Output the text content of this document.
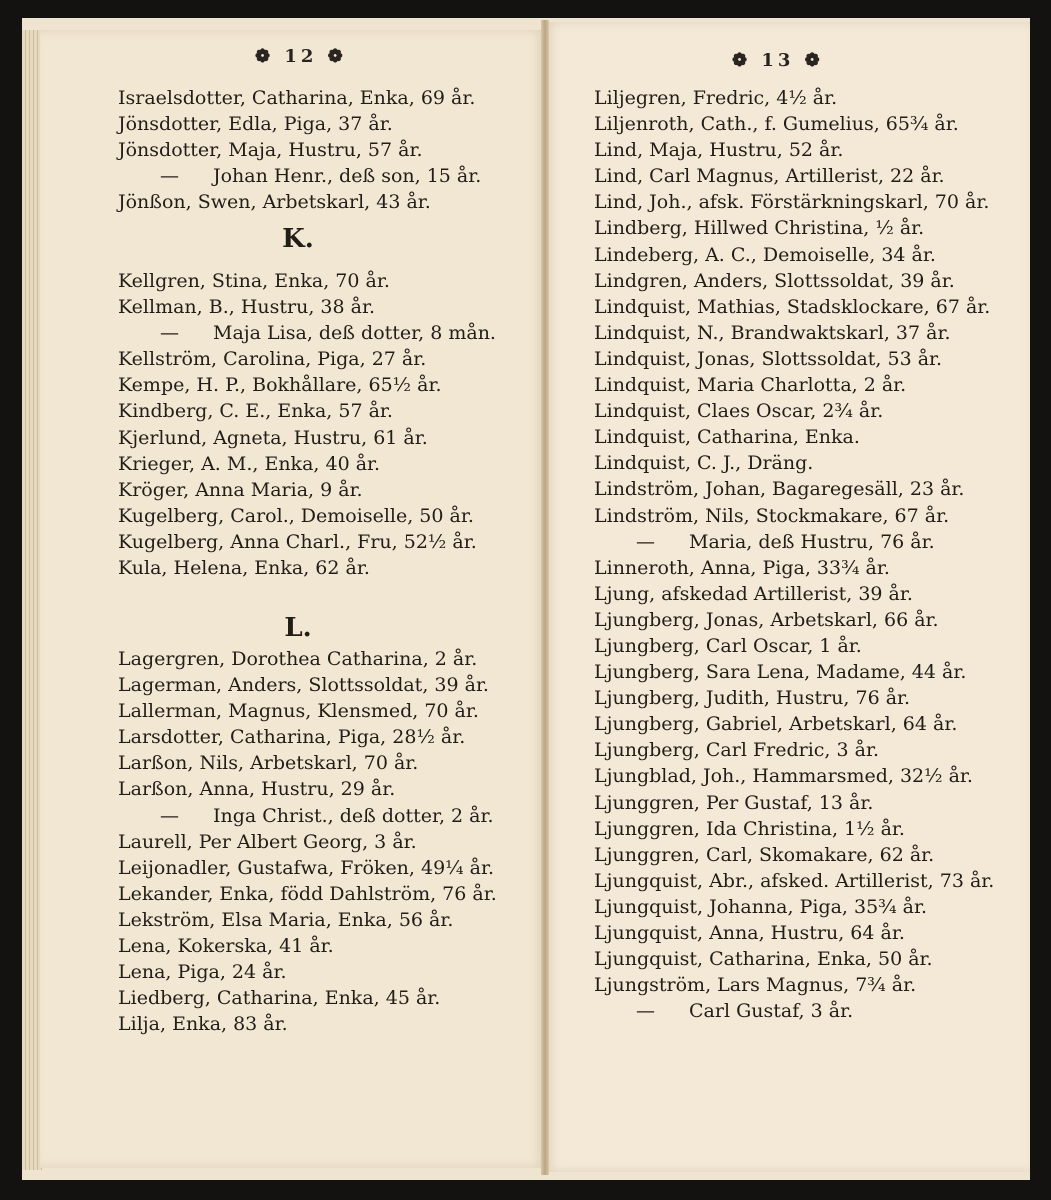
❁ 12 ❁	❁ 13 ❁
Israelsdotter, Catharina, Enka, 69 år.
Jönsdotter, Edla, Piga, 37 år.
Jönsdotter, Maja, Hustru, 57 år.
— Johan Henr., deß son, 15 år.
Jönßon, Swen, Arbetskarl, 43 år.
K.
Kellgren, Stina, Enka, 70 år.
Kellman, B., Hustru, 38 år.
— Maja Lisa, deß dotter, 8 mån.
Kellström, Carolina, Piga, 27 år.
Kempe, H. P., Bokhållare, 65½ år.
Kindberg, C. E., Enka, 57 år.
Kjerlund, Agneta, Hustru, 61 år.
Krieger, A. M., Enka, 40 år.
Kröger, Anna Maria, 9 år.
Kugelberg, Carol., Demoiselle, 50 år.
Kugelberg, Anna Charl., Fru, 52½ år.
Kula, Helena, Enka, 62 år.
L.
Lagergren, Dorothea Catharina, 2 år.
Lagerman, Anders, Slottssoldat, 39 år.
Lallerman, Magnus, Klensmed, 70 år.
Larsdotter, Catharina, Piga, 28½ år.
Larßon, Nils, Arbetskarl, 70 år.
Larßon, Anna, Hustru, 29 år.
— Inga Christ., deß dotter, 2 år.
Laurell, Per Albert Georg, 3 år.
Leijonadler, Gustafwa, Fröken, 49¼ år.
Lekander, Enka, född Dahlström, 76 år.
Lekström, Elsa Maria, Enka, 56 år.
Lena, Kokerska, 41 år.
Lena, Piga, 24 år.
Liedberg, Catharina, Enka, 45 år.
Lilja, Enka, 83 år.
Liljegren, Fredric, 4½ år.
Liljenroth, Cath., f. Gumelius, 65¾ år.
Lind, Maja, Hustru, 52 år.
Lind, Carl Magnus, Artillerist, 22 år.
Lind, Joh., afsk. Förstärkningskarl, 70 år.
Lindberg, Hillwed Christina, ½ år.
Lindeberg, A. C., Demoiselle, 34 år.
Lindgren, Anders, Slottssoldat, 39 år.
Lindquist, Mathias, Stadsklockare, 67 år.
Lindquist, N., Brandwaktskarl, 37 år.
Lindquist, Jonas, Slottssoldat, 53 år.
Lindquist, Maria Charlotta, 2 år.
Lindquist, Claes Oscar, 2¾ år.
Lindquist, Catharina, Enka.
Lindquist, C. J., Dräng.
Lindström, Johan, Bagaregesäll, 23 år.
Lindström, Nils, Stockmakare, 67 år.
— Maria, deß Hustru, 76 år.
Linneroth, Anna, Piga, 33¾ år.
Ljung, afskedad Artillerist, 39 år.
Ljungberg, Jonas, Arbetskarl, 66 år.
Ljungberg, Carl Oscar, 1 år.
Ljungberg, Sara Lena, Madame, 44 år.
Ljungberg, Judith, Hustru, 76 år.
Ljungberg, Gabriel, Arbetskarl, 64 år.
Ljungberg, Carl Fredric, 3 år.
Ljungblad, Joh., Hammarsmed, 32½ år.
Ljunggren, Per Gustaf, 13 år.
Ljunggren, Ida Christina, 1½ år.
Ljunggren, Carl, Skomakare, 62 år.
Ljungquist, Abr., afsked. Artillerist, 73 år.
Ljungquist, Johanna, Piga, 35¾ år.
Ljungquist, Anna, Hustru, 64 år.
Ljungquist, Catharina, Enka, 50 år.
Ljungström, Lars Magnus, 7¾ år.
— Carl Gustaf, 3 år.
